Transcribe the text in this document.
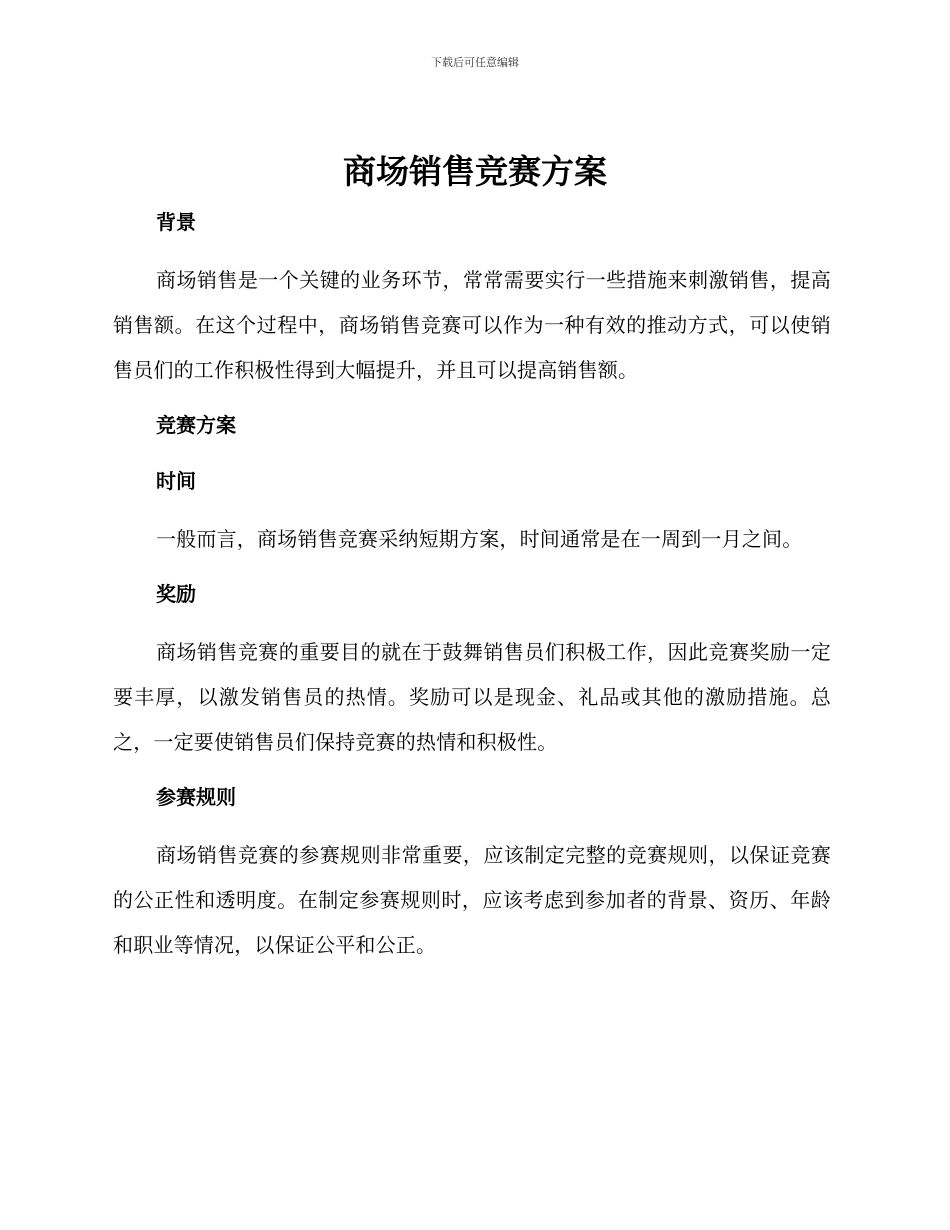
下载后可任意编辑

商场销售竞赛方案
背景

商场销售是一个关键的业务环节，常常需要实行一些措施来刺激销售，提高销售额。在这个过程中，商场销售竞赛可以作为一种有效的推动方式，可以使销售员们的工作积极性得到大幅提升，并且可以提高销售额。

竞赛方案
时间

一般而言，商场销售竞赛采纳短期方案，时间通常是在一周到一月之间。

奖励

商场销售竞赛的重要目的就在于鼓舞销售员们积极工作，因此竞赛奖励一定要丰厚，以激发销售员的热情。奖励可以是现金、礼品或其他的激励措施。总之，一定要使销售员们保持竞赛的热情和积极性。

参赛规则

商场销售竞赛的参赛规则非常重要，应该制定完整的竞赛规则，以保证竞赛的公正性和透明度。在制定参赛规则时，应该考虑到参加者的背景、资历、年龄和职业等情况，以保证公平和公正。
